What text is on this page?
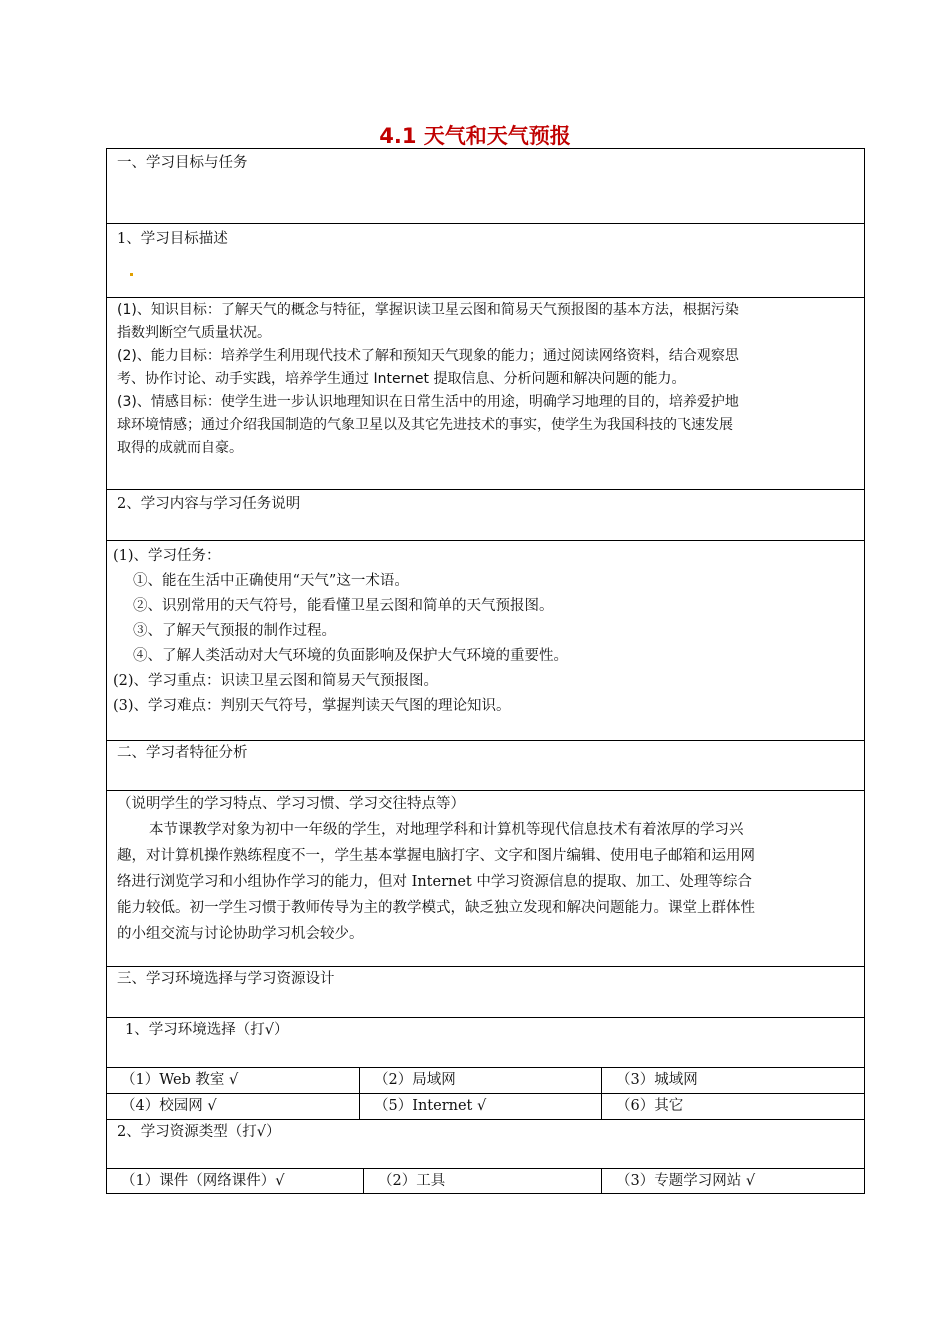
4.1 天气和天气预报
一、学习目标与任务
1、学习目标描述
(1)、知识目标：了解天气的概念与特征，掌握识读卫星云图和简易天气预报图的基本方法，根据污染
指数判断空气质量状况。
(2)、能力目标：培养学生利用现代技术了解和预知天气现象的能力；通过阅读网络资料，结合观察思
考、协作讨论、动手实践，培养学生通过 Internet 提取信息、分析问题和解决问题的能力。
(3)、情感目标：使学生进一步认识地理知识在日常生活中的用途，明确学习地理的目的，培养爱护地
球环境情感；通过介绍我国制造的气象卫星以及其它先进技术的事实，使学生为我国科技的飞速发展
取得的成就而自豪。
2、学习内容与学习任务说明
(1)、学习任务：
①、能在生活中正确使用“天气”这一术语。
②、识别常用的天气符号，能看懂卫星云图和简单的天气预报图。
③、了解天气预报的制作过程。
④、了解人类活动对大气环境的负面影响及保护大气环境的重要性。
(2)、学习重点：识读卫星云图和简易天气预报图。
(3)、学习难点：判别天气符号，掌握判读天气图的理论知识。
二、学习者特征分析
（说明学生的学习特点、学习习惯、学习交往特点等）
本节课教学对象为初中一年级的学生，对地理学科和计算机等现代信息技术有着浓厚的学习兴
趣，对计算机操作熟练程度不一，学生基本掌握电脑打字、文字和图片编辑、使用电子邮箱和运用网
络进行浏览学习和小组协作学习的能力，但对 Internet 中学习资源信息的提取、加工、处理等综合
能力较低。初一学生习惯于教师传导为主的教学模式，缺乏独立发现和解决问题能力。课堂上群体性
的小组交流与讨论协助学习机会较少。
三、学习环境选择与学习资源设计
1、学习环境选择（打√）
（1）Web 教室 √	（2）局域网	（3）城域网
（4）校园网 √	（5）Internet √	（6）其它
2、学习资源类型（打√）
（1）课件（网络课件）√	（2）工具	（3）专题学习网站 √
